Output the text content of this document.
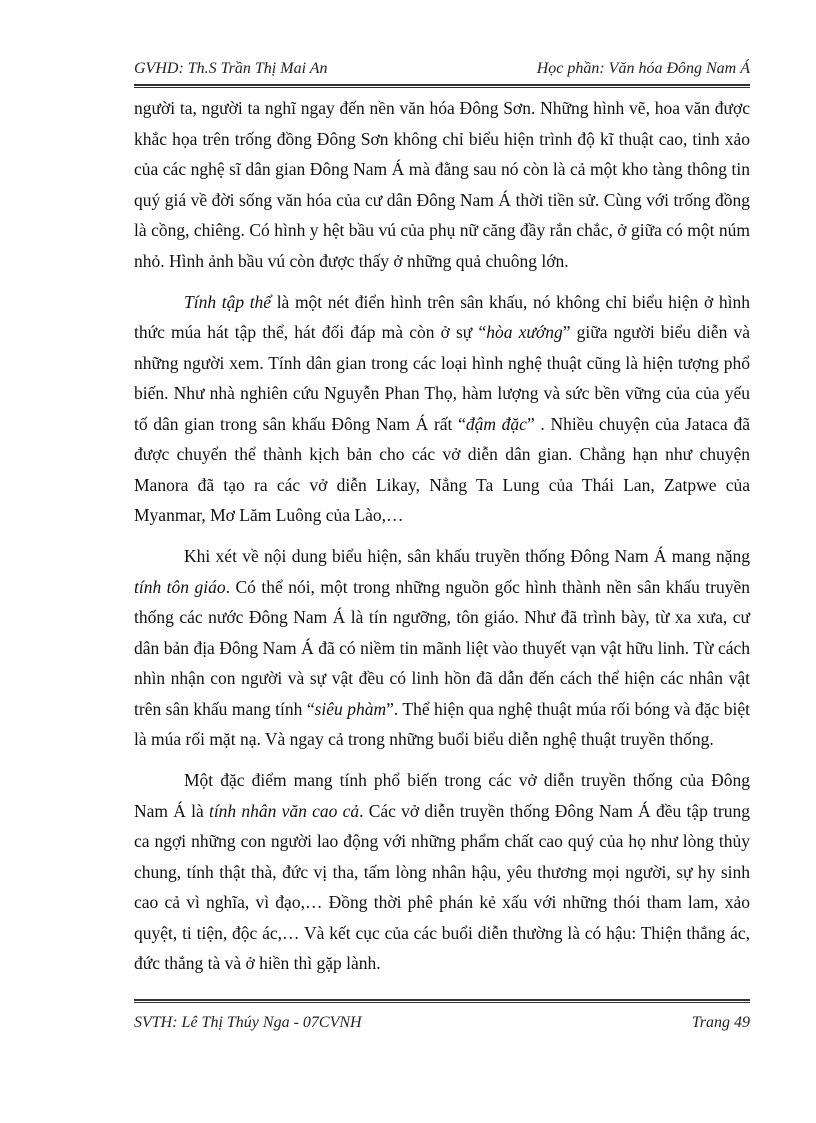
GVHD: Th.S Trần Thị Mai An	Học phần: Văn hóa Đông Nam Á

người ta, người ta nghĩ ngay đến nền văn hóa Đông Sơn. Những hình vẽ, hoa văn được khắc họa trên trống đồng Đông Sơn không chỉ biểu hiện trình độ kĩ thuật cao, tinh xảo của các nghệ sĩ dân gian Đông Nam Á mà đằng sau nó còn là cả một kho tàng thông tin quý giá về đời sống văn hóa của cư dân Đông Nam Á thời tiền sử. Cùng với trống đồng là cồng, chiêng. Có hình y hệt bầu vú của phụ nữ căng đầy rắn chắc, ở giữa có một núm nhỏ. Hình ảnh bầu vú còn được thấy ở những quả chuông lớn.

Tính tập thể là một nét điển hình trên sân khấu, nó không chỉ biểu hiện ở hình thức múa hát tập thể, hát đối đáp mà còn ở sự “hòa xướng” giữa người biểu diễn và những người xem. Tính dân gian trong các loại hình nghệ thuật cũng là hiện tượng phổ biến. Như nhà nghiên cứu Nguyễn Phan Thọ, hàm lượng và sức bền vững của của yếu tố dân gian trong sân khấu Đông Nam Á rất “đậm đặc” . Nhiều chuyện của Jataca đã được chuyển thể thành kịch bản cho các vở diễn dân gian. Chẳng hạn như chuyện Manora đã tạo ra các vở diễn Likay, Nẳng Ta Lung của Thái Lan, Zatpwe của Myanmar, Mơ Lăm Luông của Lào,…

Khi xét về nội dung biểu hiện, sân khấu truyền thống Đông Nam Á mang nặng tính tôn giáo. Có thể nói, một trong những nguồn gốc hình thành nền sân khấu truyền thống các nước Đông Nam Á là tín ngưỡng, tôn giáo. Như đã trình bày, từ xa xưa, cư dân bản địa Đông Nam Á đã có niềm tin mãnh liệt vào thuyết vạn vật hữu linh. Từ cách nhìn nhận con người và sự vật đều có linh hồn đã dẫn đến cách thể hiện các nhân vật trên sân khấu mang tính “siêu phàm”. Thể hiện qua nghệ thuật múa rối bóng và đặc biệt là múa rối mặt nạ. Và ngay cả trong những buổi biểu diễn nghệ thuật truyền thống.

Một đặc điểm mang tính phổ biến trong các vở diễn truyền thống của Đông Nam Á là tính nhân văn cao cả. Các vở diễn truyền thống Đông Nam Á đều tập trung ca ngợi những con người lao động với những phẩm chất cao quý của họ như lòng thủy chung, tính thật thà, đức vị tha, tấm lòng nhân hậu, yêu thương mọi người, sự hy sinh cao cả vì nghĩa, vì đạo,… Đồng thời phê phán kẻ xấu với những thói tham lam, xảo quyệt, ti tiện, độc ác,… Và kết cục của các buổi diễn thường là có hậu: Thiện thắng ác, đức thắng tà và ở hiền thì gặp lành.

SVTH: Lê Thị Thúy Nga - 07CVNH	Trang 49
